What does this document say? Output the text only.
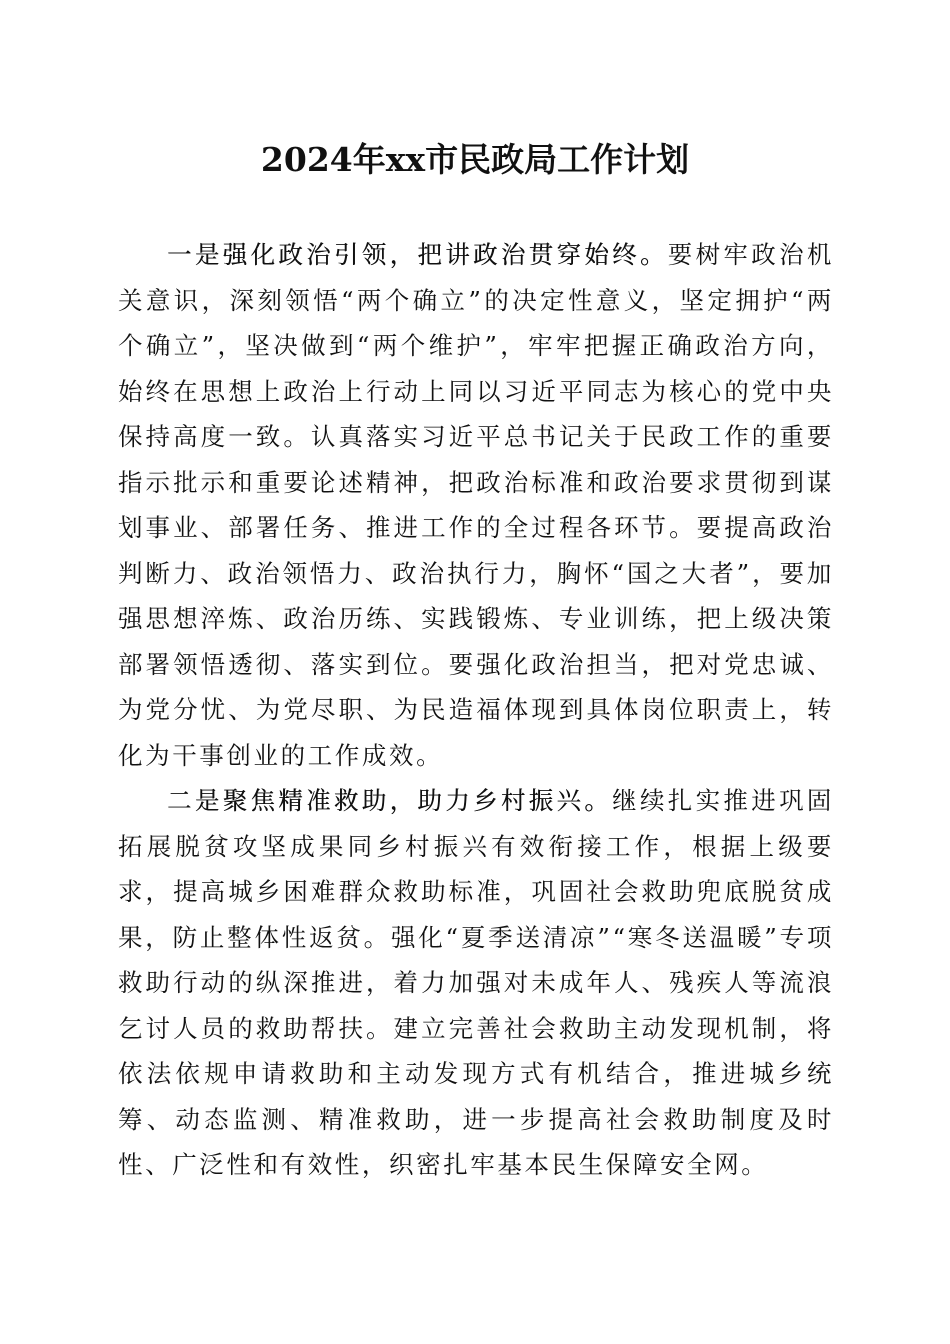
2024年xx市民政局工作计划

一是强化政治引领，把讲政治贯穿始终。要树牢政治机关意识，深刻领悟“两个确立”的决定性意义，坚定拥护“两个确立”，坚决做到“两个维护”，牢牢把握正确政治方向，始终在思想上政治上行动上同以习近平同志为核心的党中央保持高度一致。认真落实习近平总书记关于民政工作的重要指示批示和重要论述精神，把政治标准和政治要求贯彻到谋划事业、部署任务、推进工作的全过程各环节。要提高政治判断力、政治领悟力、政治执行力，胸怀“国之大者”，要加强思想淬炼、政治历练、实践锻炼、专业训练，把上级决策部署领悟透彻、落实到位。要强化政治担当，把对党忠诚、为党分忧、为党尽职、为民造福体现到具体岗位职责上，转化为干事创业的工作成效。

二是聚焦精准救助，助力乡村振兴。继续扎实推进巩固拓展脱贫攻坚成果同乡村振兴有效衔接工作，根据上级要求，提高城乡困难群众救助标准，巩固社会救助兜底脱贫成果，防止整体性返贫。强化“夏季送清凉”“寒冬送温暖”专项救助行动的纵深推进，着力加强对未成年人、残疾人等流浪乞讨人员的救助帮扶。建立完善社会救助主动发现机制，将依法依规申请救助和主动发现方式有机结合，推进城乡统筹、动态监测、精准救助，进一步提高社会救助制度及时性、广泛性和有效性，织密扎牢基本民生保障安全网。
